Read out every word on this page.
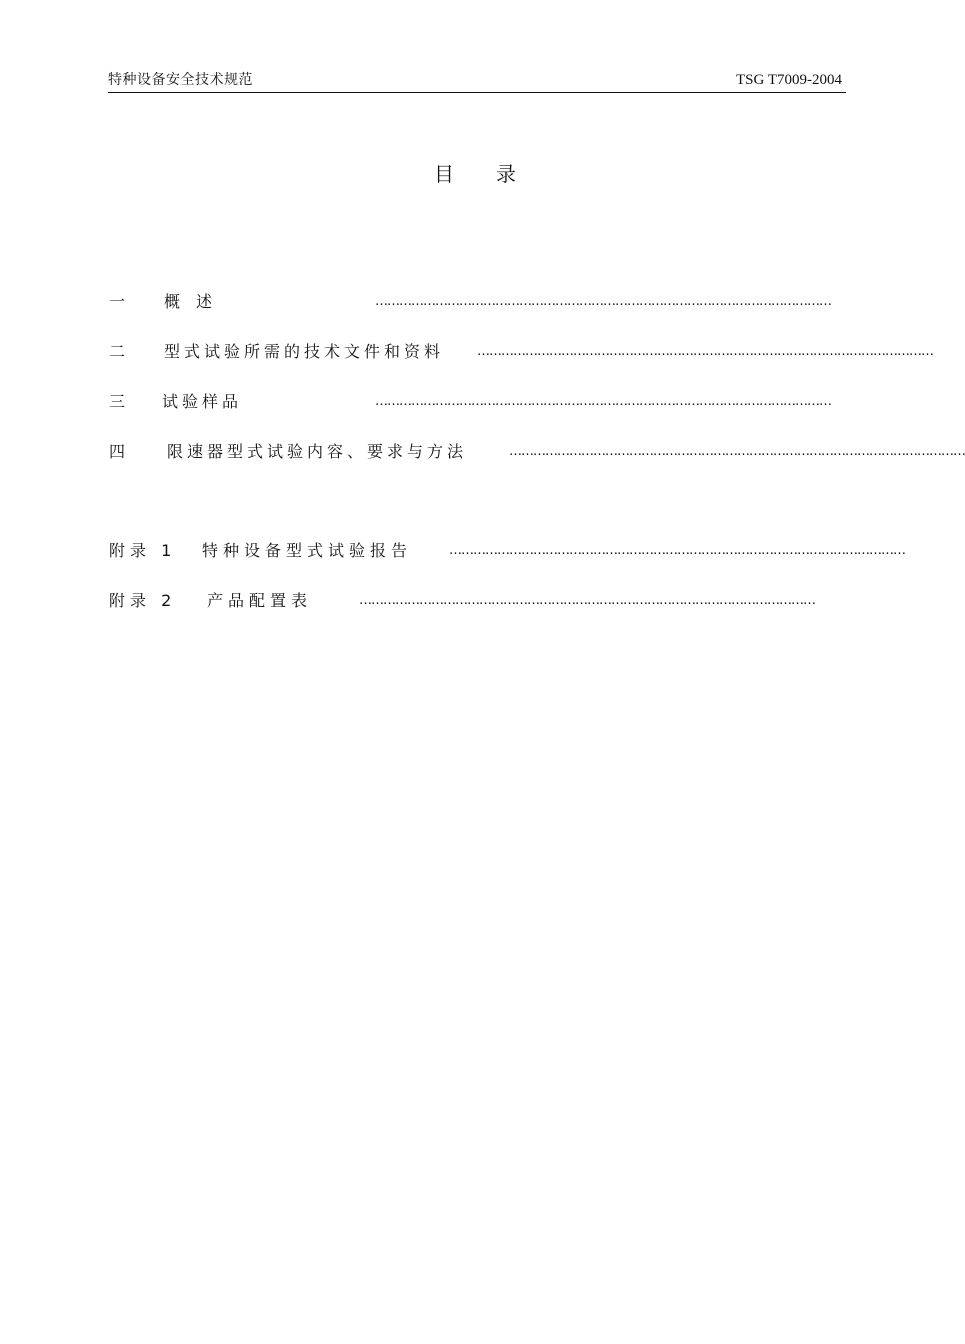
特种设备安全技术规范	TSG T7009-2004
目录
一 概述	……………………………………………………………………………………………………
二 型式试验所需的技术文件和资料	……………………………………………………………………………………………………
三 试验样品	……………………………………………………………………………………………………
四	限速器型式试验内容、要求与方法	……………………………………………………………………………………………………
附录 1 特种设备型式试验报告	……………………………………………………………………………………………………
附录 2 产品配置表	……………………………………………………………………………………………………
